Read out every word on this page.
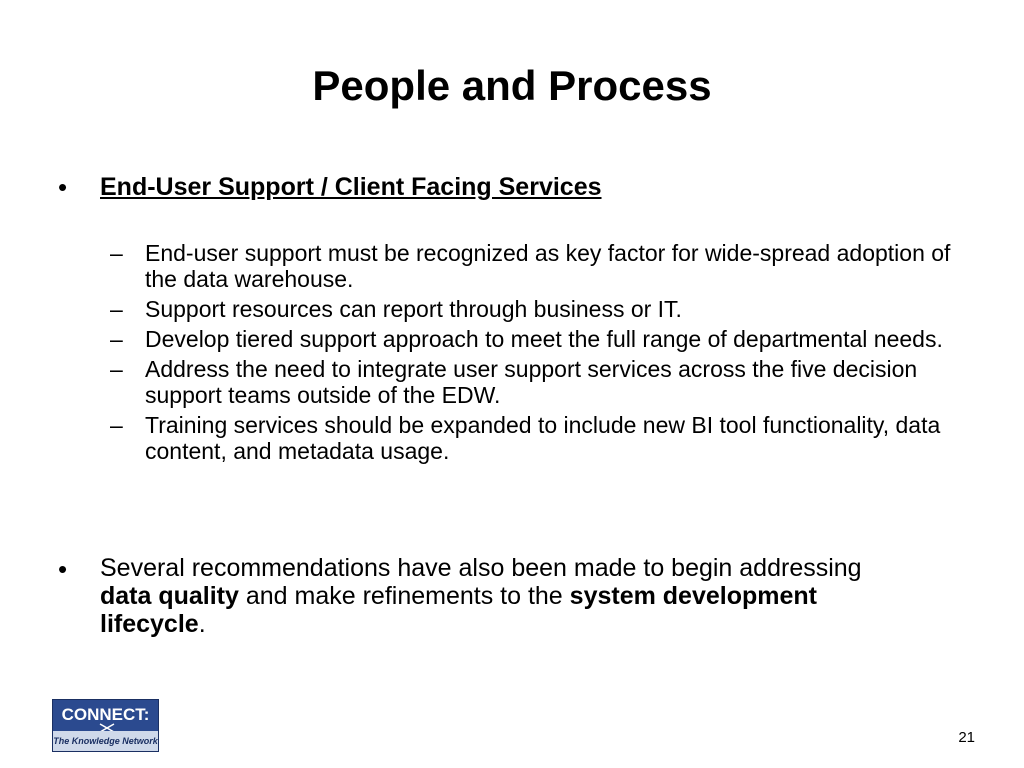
People and Process
• End-User Support / Client Facing Services
– End-user support must be recognized as key factor for wide-spread adoption of the data warehouse.
– Support resources can report through business or IT.
– Develop tiered support approach to meet the full range of departmental needs.
– Address the need to integrate user support services across the five decision support teams outside of the EDW.
– Training services should be expanded to include new BI tool functionality, data content, and metadata usage.
• Several recommendations have also been made to begin addressing data quality and make refinements to the system development lifecycle.
CONNECT:
The Knowledge Network	21
